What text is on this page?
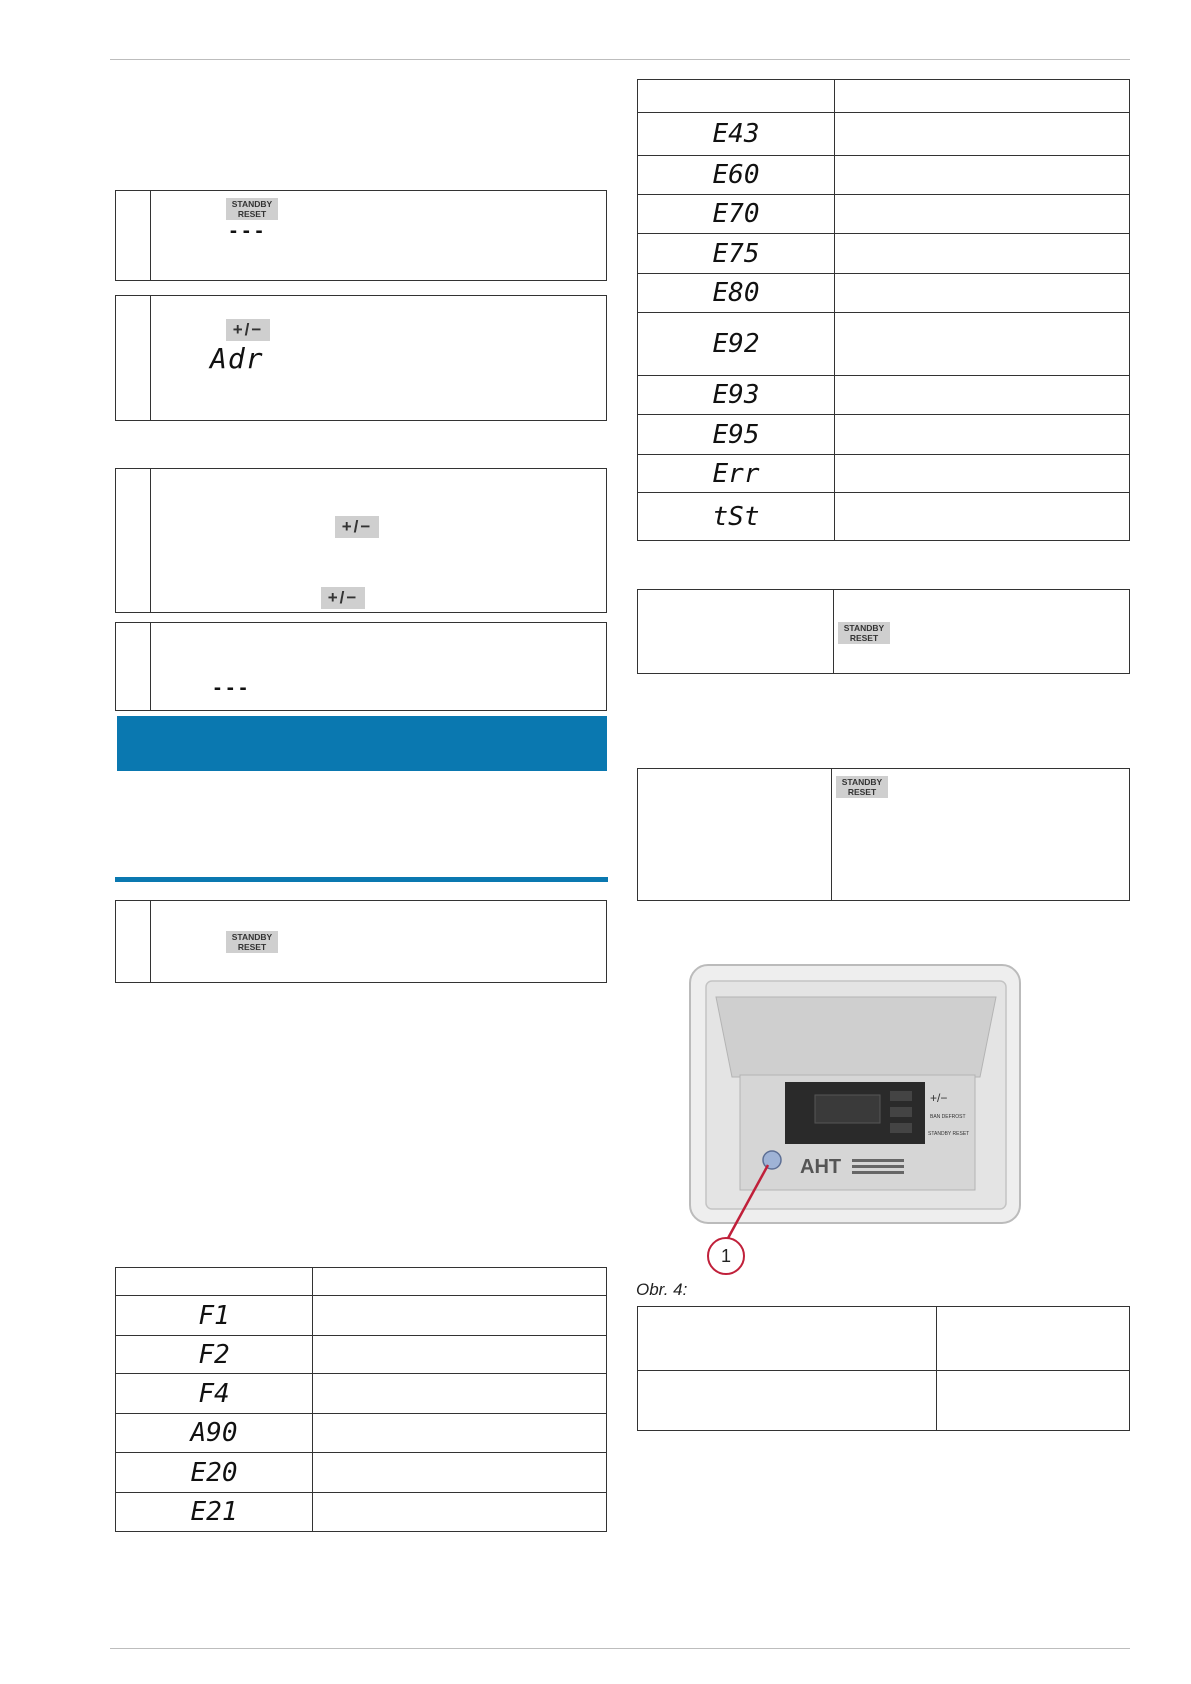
STANDBY
RESET
---
+/−
Adr
+/−
+/−
---
STANDBY
RESET

F1	
F2	
F4	
A90	
E20	
E21	

E43	
E60	
E70	
E75	
E80	
E92	
E93	
E95	
Err	
tSt	
STANDBY
RESET
STANDBY
RESET
+/−
BAN DEFROST
STANDBY RESET
AHT
1
Obr. 4:
